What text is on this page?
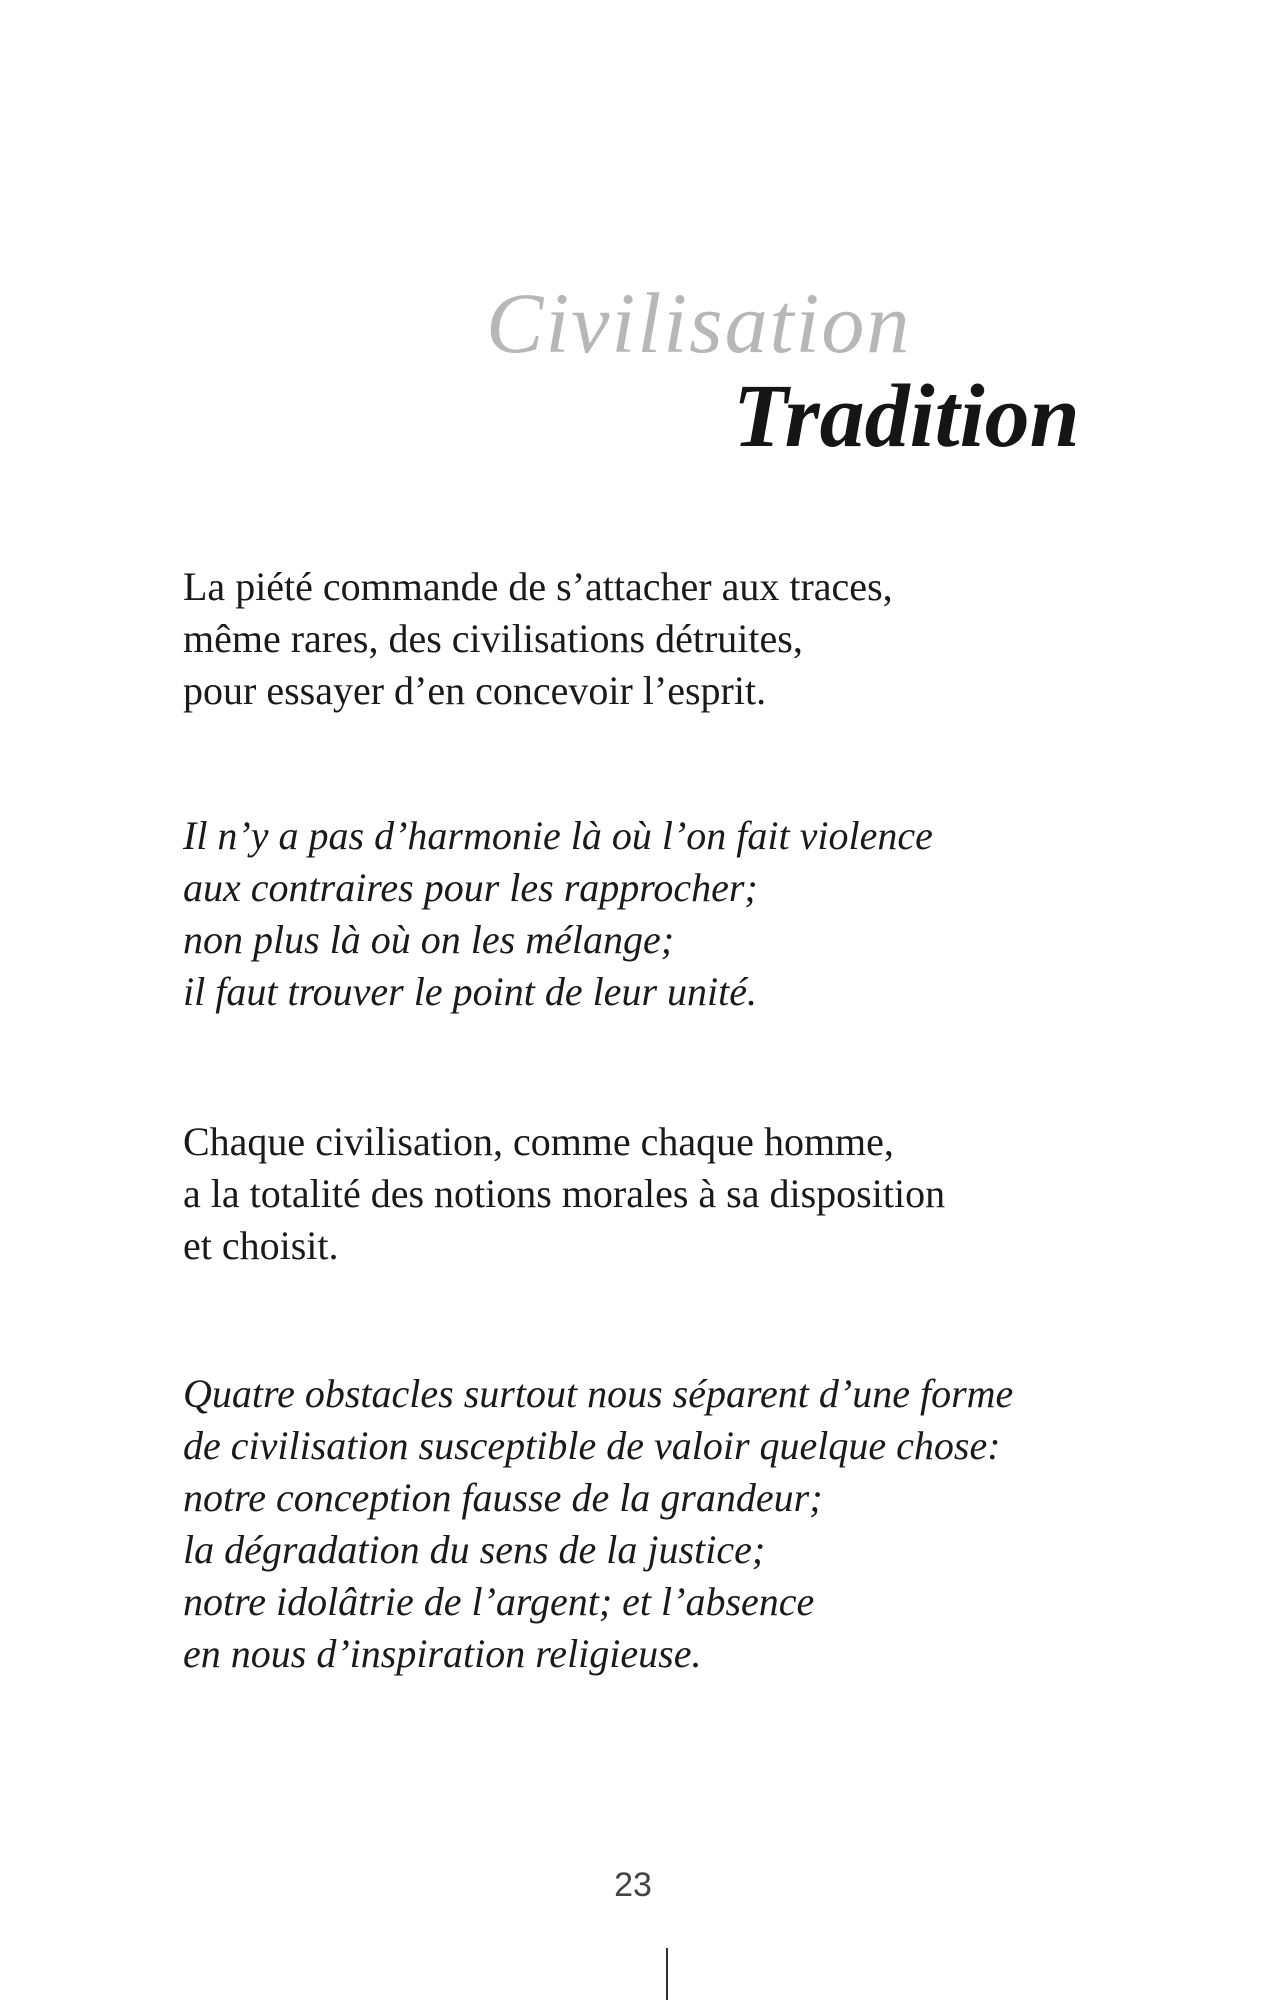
Civilisation
Tradition
La piété commande de s’attacher aux traces,
même rares, des civilisations détruites,
pour essayer d’en concevoir l’esprit.
Il n’y a pas d’harmonie là où l’on fait violence
aux contraires pour les rapprocher;
non plus là où on les mélange;
il faut trouver le point de leur unité.
Chaque civilisation, comme chaque homme,
a la totalité des notions morales à sa disposition
et choisit.
Quatre obstacles surtout nous séparent d’une forme
de civilisation susceptible de valoir quelque chose:
notre conception fausse de la grandeur;
la dégradation du sens de la justice;
notre idolâtrie de l’argent; et l’absence
en nous d’inspiration religieuse.
23
